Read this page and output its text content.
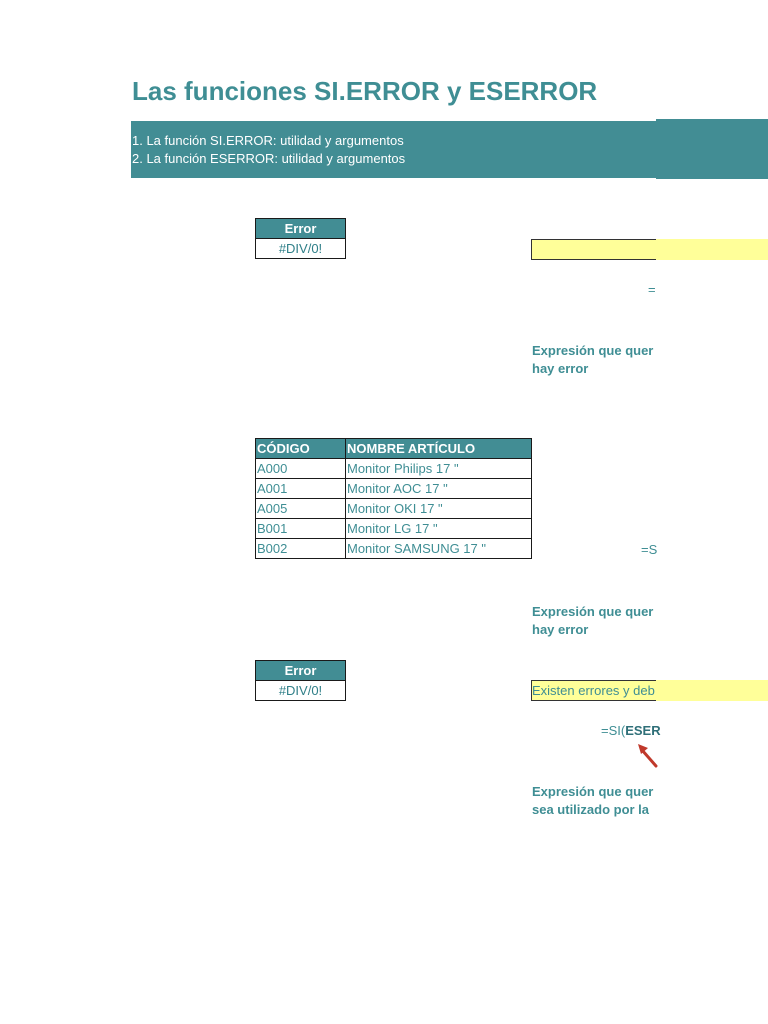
Las funciones SI.ERROR y ESERROR
1. La función SI.ERROR: utilidad y argumentos
2. La función ESERROR: utilidad y argumentos
Error
#DIV/0!
=
Expresión que quer
hay error
CÓDIGO	NOMBRE ARTÍCULO
A000	Monitor Philips 17 "
A001	Monitor AOC 17 "
A005	Monitor OKI 17 "
B001	Monitor LG 17 "
B002	Monitor SAMSUNG 17 "	=S
Expresión que quer
hay error
Error
#DIV/0!	Existen errores y deb
=SI(ESER
Expresión que quer
sea utilizado por la
